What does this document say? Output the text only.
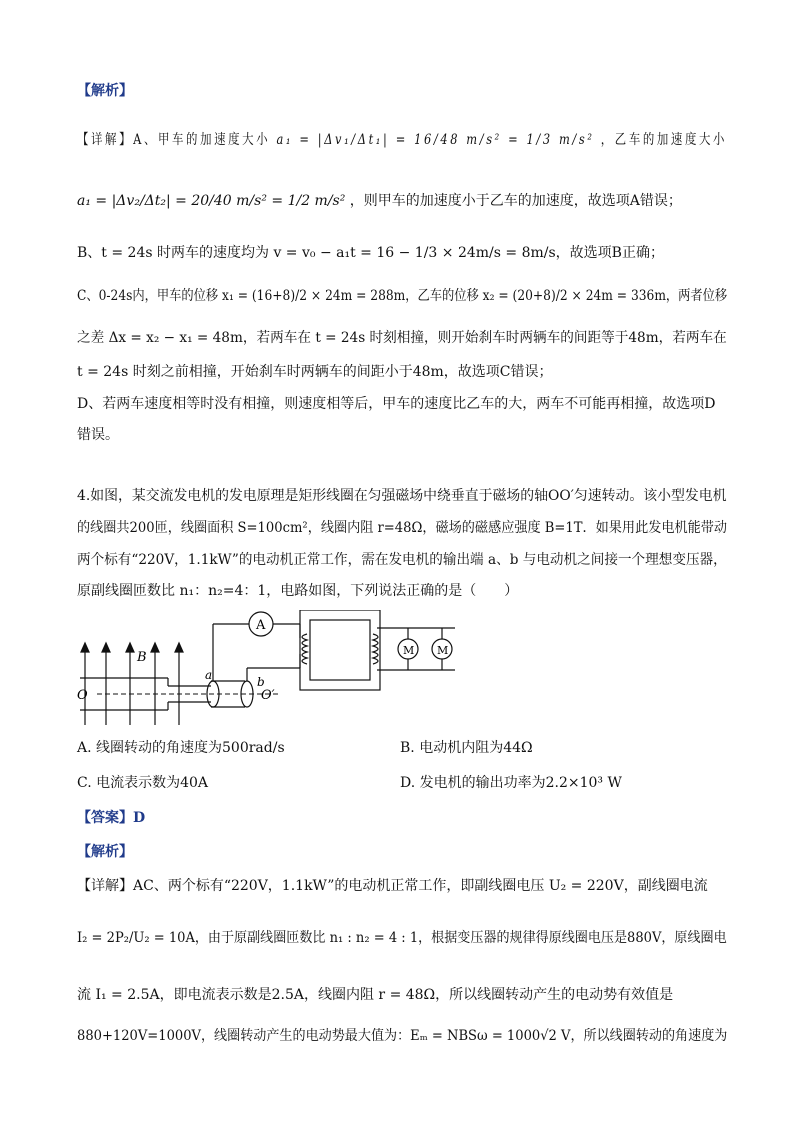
【解析】
【详解】A、甲车的加速度大小 a₁ = |Δv₁/Δt₁| = 16/48 m/s² = 1/3 m/s² ，乙车的加速度大小
a₁ = |Δv₂/Δt₂| = 20/40 m/s² = 1/2 m/s² ，则甲车的加速度小于乙车的加速度，故选项A错误；
B、t = 24s 时两车的速度均为 v = v₀ − a₁t = 16 − 1/3 × 24m/s = 8m/s，故选项B正确；
C、0-24s内，甲车的位移 x₁ = (16+8)/2 × 24m = 288m，乙车的位移 x₂ = (20+8)/2 × 24m = 336m，两者位移
之差 Δx = x₂ − x₁ = 48m，若两车在 t = 24s 时刻相撞，则开始刹车时两辆车的间距等于48m，若两车在
t = 24s 时刻之前相撞，开始刹车时两辆车的间距小于48m，故选项C错误；
D、若两车速度相等时没有相撞，则速度相等后，甲车的速度比乙车的大，两车不可能再相撞，故选项D
错误。
4.如图，某交流发电机的发电原理是矩形线圈在匀强磁场中绕垂直于磁场的轴OO′匀速转动。该小型发电机
的线圈共200匝，线圈面积 S=100cm²，线圈内阻 r=48Ω，磁场的磁感应强度 B=1T．如果用此发电机能带动
两个标有“220V，1.1kW”的电动机正常工作，需在发电机的输出端 a、b 与电动机之间接一个理想变压器，
原副线圈匝数比 n₁：n₂=4：1，电路如图，下列说法正确的是（　　）
B
O	O′
a	b
A
M M
A. 线圈转动的角速度为500rad/s	B. 电动机内阻为44Ω
C. 电流表示数为40A	D. 发电机的输出功率为2.2×10³ W
【答案】D
【解析】
【详解】AC、两个标有“220V，1.1kW”的电动机正常工作，即副线圈电压 U₂ = 220V，副线圈电流
I₂ = 2P₂/U₂ = 10A，由于原副线圈匝数比 n₁ : n₂ = 4 : 1，根据变压器的规律得原线圈电压是880V，原线圈电
流 I₁ = 2.5A，即电流表示数是2.5A，线圈内阻 r = 48Ω，所以线圈转动产生的电动势有效值是
880+120V=1000V，线圈转动产生的电动势最大值为：Eₘ = NBSω = 1000√2 V，所以线圈转动的角速度为
